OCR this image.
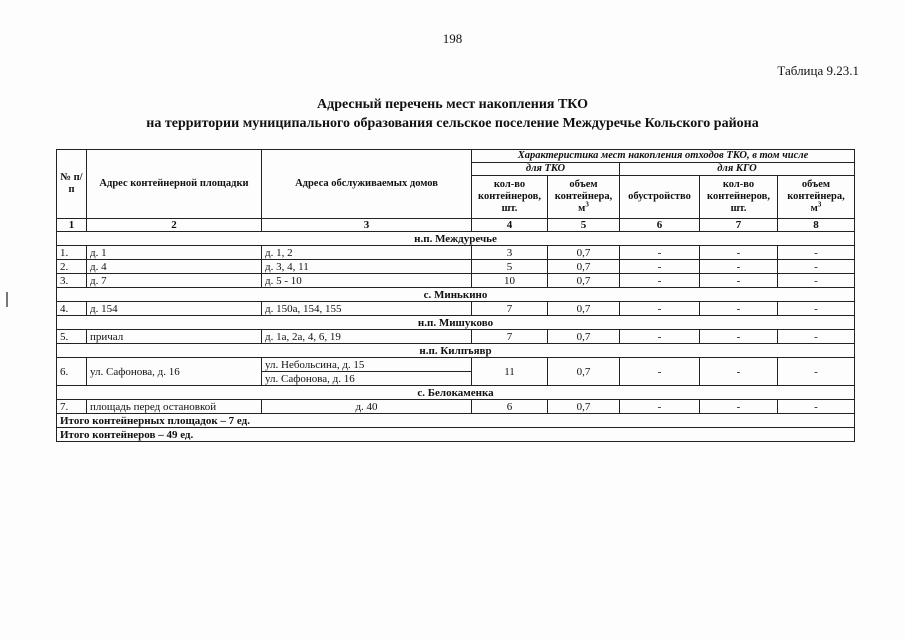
198
Таблица 9.23.1
Адресный перечень мест накопления ТКО
на территории муниципального образования сельское поселение Междуречье Кольского района
№ п/п	Адрес контейнерной площадки	Адреса обслуживаемых домов	Характеристика мест накопления отходов ТКО, в том числе				
			для ТКО		для КГО		
			кол-во контейнеров, шт.	объем контейнера, $м^3$	обустройство	кол-во контейнеров, шт.	объем контейнера, $м^3$
1	2	3	4	5	6	7	8
н.п. Междуречье							
1.	д. 1	д. 1, 2	3	0,7	-	-	-
2.	д. 4	д. 3, 4, 11	5	0,7	-	-	-
3.	д. 7	д. 5 - 10	10	0,7	-	-	-
с. Минькино							
4.	д. 154	д. 150а, 154, 155	7	0,7	-	-	-
н.п. Мишуково							
5.	причал	д. 1а, 2а, 4, 6, 19	7	0,7	-	-	-
н.п. Килпъявр							
6.	ул. Сафонова, д. 16	ул. Небольсина, д. 15	11	0,7	-	-	-
		ул. Сафонова, д. 16					
с. Белокаменка							
7.	площадь перед остановкой	д. 40	6	0,7	-	-	-
Итого контейнерных площадок – 7 ед.							
Итого контейнеров – 49 ед.							
